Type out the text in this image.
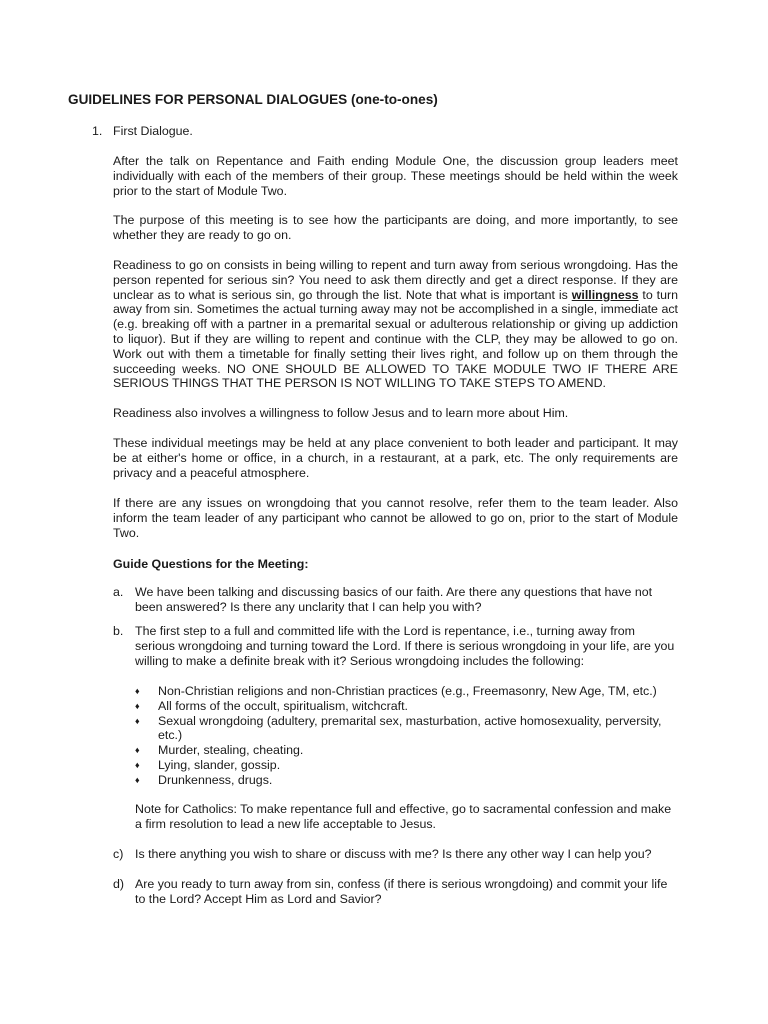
GUIDELINES FOR PERSONAL DIALOGUES (one-to-ones)
1. First Dialogue.
After the talk on Repentance and Faith ending Module One, the discussion group leaders meet individually with each of the members of their group. These meetings should be held within the week prior to the start of Module Two.
The purpose of this meeting is to see how the participants are doing, and more importantly, to see whether they are ready to go on.
Readiness to go on consists in being willing to repent and turn away from serious wrongdoing. Has the person repented for serious sin? You need to ask them directly and get a direct response. If they are unclear as to what is serious sin, go through the list. Note that what is important is willingness to turn away from sin. Sometimes the actual turning away may not be accomplished in a single, immediate act (e.g. breaking off with a partner in a premarital sexual or adulterous relationship or giving up addiction to liquor). But if they are willing to repent and continue with the CLP, they may be allowed to go on. Work out with them a timetable for finally setting their lives right, and follow up on them through the succeeding weeks. NO ONE SHOULD BE ALLOWED TO TAKE MODULE TWO IF THERE ARE SERIOUS THINGS THAT THE PERSON IS NOT WILLING TO TAKE STEPS TO AMEND.
Readiness also involves a willingness to follow Jesus and to learn more about Him.
These individual meetings may be held at any place convenient to both leader and participant. It may be at either's home or office, in a church, in a restaurant, at a park, etc. The only requirements are privacy and a peaceful atmosphere.
If there are any issues on wrongdoing that you cannot resolve, refer them to the team leader. Also inform the team leader of any participant who cannot be allowed to go on, prior to the start of Module Two.
Guide Questions for the Meeting:
a. We have been talking and discussing basics of our faith. Are there any questions that have not been answered? Is there any unclarity that I can help you with?
b. The first step to a full and committed life with the Lord is repentance, i.e., turning away from serious wrongdoing and turning toward the Lord. If there is serious wrongdoing in your life, are you willing to make a definite break with it? Serious wrongdoing includes the following:
♦ Non-Christian religions and non-Christian practices (e.g., Freemasonry, New Age, TM, etc.)
♦ All forms of the occult, spiritualism, witchcraft.
♦ Sexual wrongdoing (adultery, premarital sex, masturbation, active homosexuality, perversity, etc.)
♦ Murder, stealing, cheating.
♦ Lying, slander, gossip.
♦ Drunkenness, drugs.
Note for Catholics: To make repentance full and effective, go to sacramental confession and make a firm resolution to lead a new life acceptable to Jesus.
c) Is there anything you wish to share or discuss with me? Is there any other way I can help you?
d) Are you ready to turn away from sin, confess (if there is serious wrongdoing) and commit your life to the Lord? Accept Him as Lord and Savior?
